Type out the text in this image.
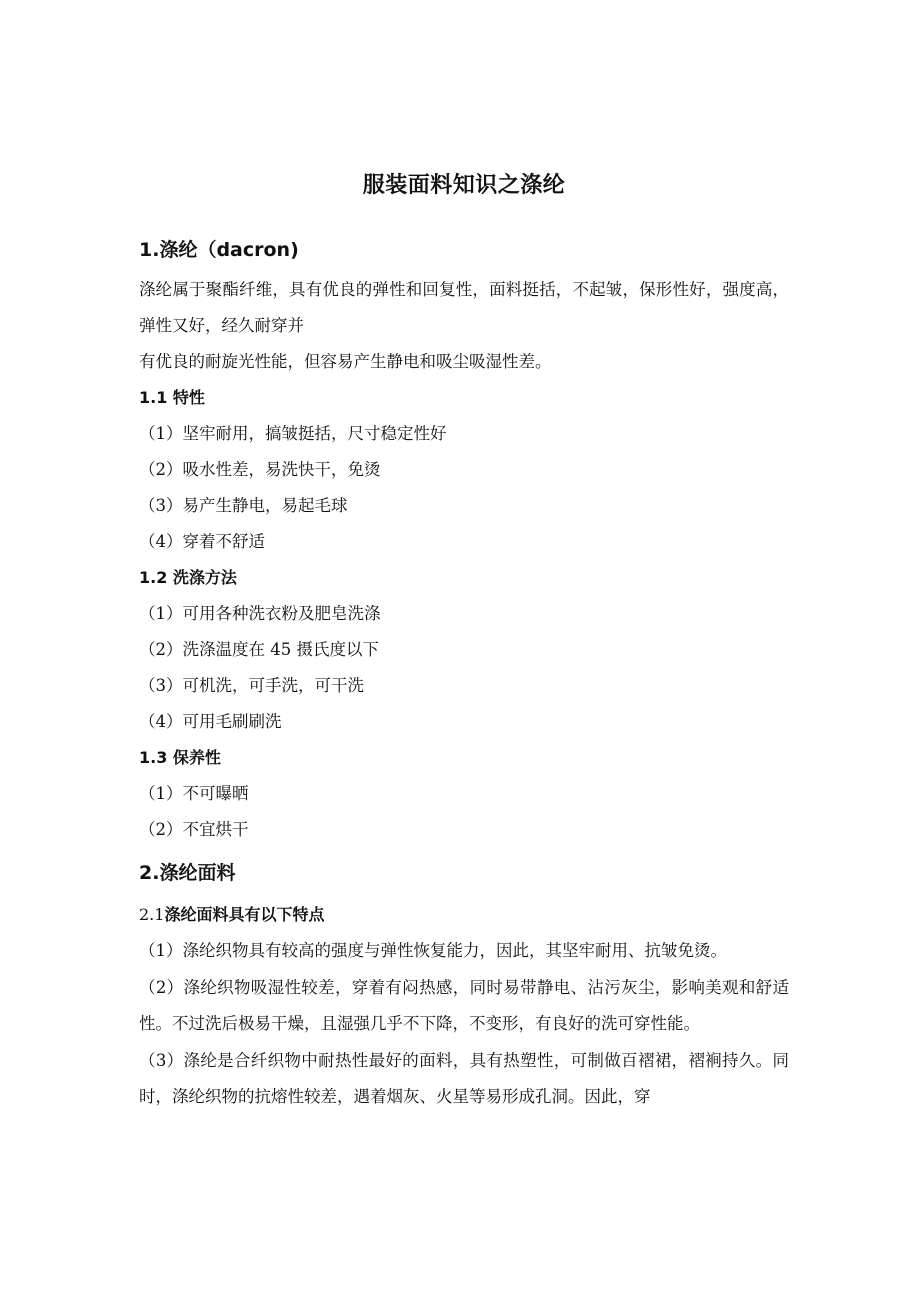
服装面料知识之涤纶
1.涤纶（dacron)
涤纶属于聚酯纤维，具有优良的弹性和回复性，面料挺括，不起皱，保形性好，强度高，弹性又好，经久耐穿并
有优良的耐旋光性能，但容易产生静电和吸尘吸湿性差。
1.1 特性
（1）坚牢耐用，搞皱挺括，尺寸稳定性好
（2）吸水性差，易洗快干，免烫
（3）易产生静电，易起毛球
（4）穿着不舒适
1.2 洗涤方法
（1）可用各种洗衣粉及肥皂洗涤
（2）洗涤温度在 45 摄氏度以下
（3）可机洗，可手洗，可干洗
（4）可用毛刷刷洗
1.3 保养性
（1）不可曝晒
（2）不宜烘干
2.涤纶面料
2.1涤纶面料具有以下特点
（1）涤纶织物具有较高的强度与弹性恢复能力，因此，其坚牢耐用、抗皱免烫。
（2）涤纶织物吸湿性较差，穿着有闷热感，同时易带静电、沾污灰尘，影响美观和舒适性。不过洗后极易干燥，且湿强几乎不下降，不变形，有良好的洗可穿性能。
（3）涤纶是合纤织物中耐热性最好的面料，具有热塑性，可制做百褶裙，褶裥持久。同时，涤纶织物的抗熔性较差，遇着烟灰、火星等易形成孔洞。因此，穿
